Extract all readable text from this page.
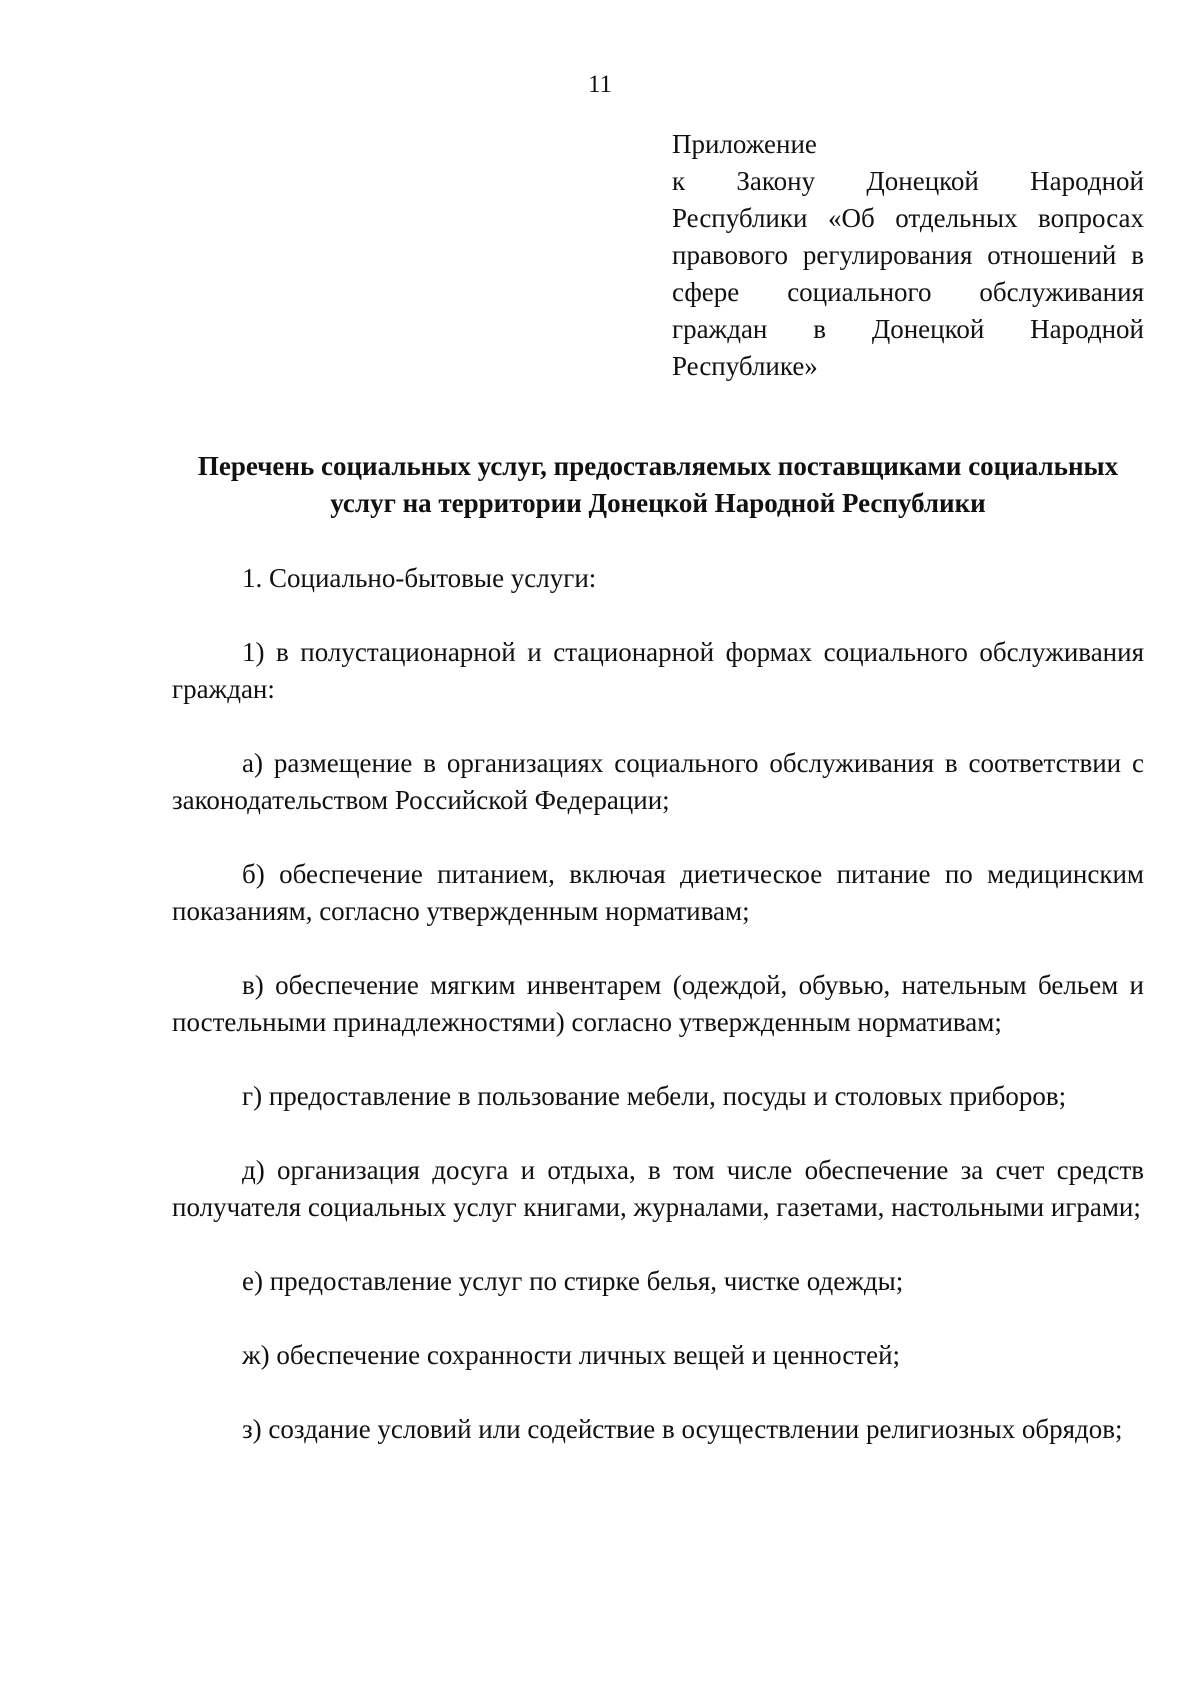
11
Приложение
к Закону Донецкой Народной
Республики «Об отдельных вопросах
правового регулирования отношений в
сфере социального обслуживания
граждан в Донецкой Народной
Республике»
Перечень социальных услуг, предоставляемых поставщиками социальных услуг на территории Донецкой Народной Республики

1. Социально-бытовые услуги:

1) в полустационарной и стационарной формах социального обслуживания граждан:

а) размещение в организациях социального обслуживания в соответствии с законодательством Российской Федерации;

б) обеспечение питанием, включая диетическое питание по медицинским показаниям, согласно утвержденным нормативам;

в) обеспечение мягким инвентарем (одеждой, обувью, нательным бельем и постельными принадлежностями) согласно утвержденным нормативам;

г) предоставление в пользование мебели, посуды и столовых приборов;

д) организация досуга и отдыха, в том числе обеспечение за счет средств получателя социальных услуг книгами, журналами, газетами, настольными играми;

е) предоставление услуг по стирке белья, чистке одежды;

ж) обеспечение сохранности личных вещей и ценностей;

з) создание условий или содействие в осуществлении религиозных обрядов;
